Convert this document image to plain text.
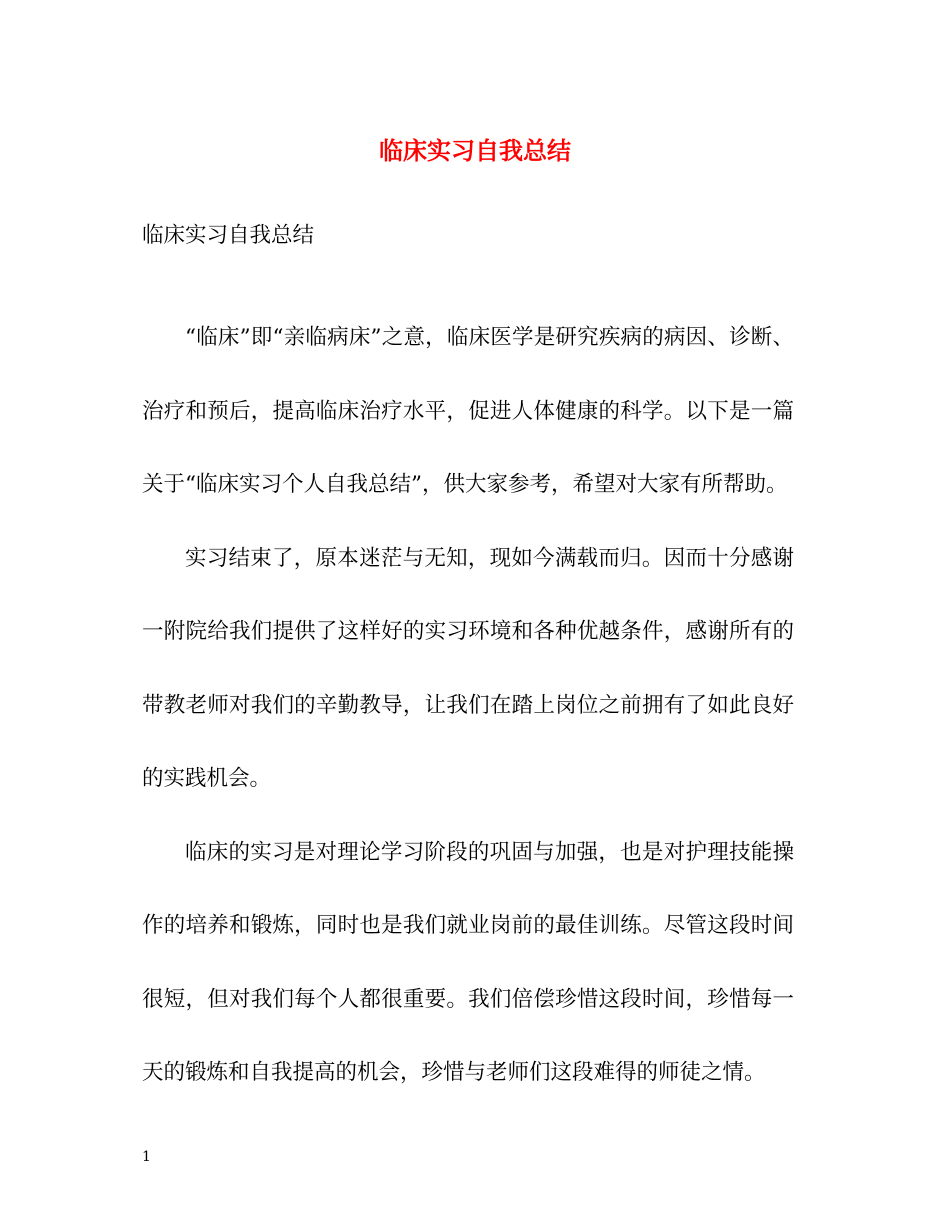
临床实习自我总结

临床实习自我总结

“临床”即“亲临病床”之意，临床医学是研究疾病的病因、诊断、治疗和预后，提高临床治疗水平，促进人体健康的科学。以下是一篇关于“临床实习个人自我总结”，供大家参考，希望对大家有所帮助。

实习结束了，原本迷茫与无知，现如今满载而归。因而十分感谢一附院给我们提供了这样好的实习环境和各种优越条件，感谢所有的带教老师对我们的辛勤教导，让我们在踏上岗位之前拥有了如此良好的实践机会。

临床的实习是对理论学习阶段的巩固与加强，也是对护理技能操作的培养和锻炼，同时也是我们就业岗前的最佳训练。尽管这段时间很短，但对我们每个人都很重要。我们倍偿珍惜这段时间，珍惜每一天的锻炼和自我提高的机会，珍惜与老师们这段难得的师徒之情。

1
